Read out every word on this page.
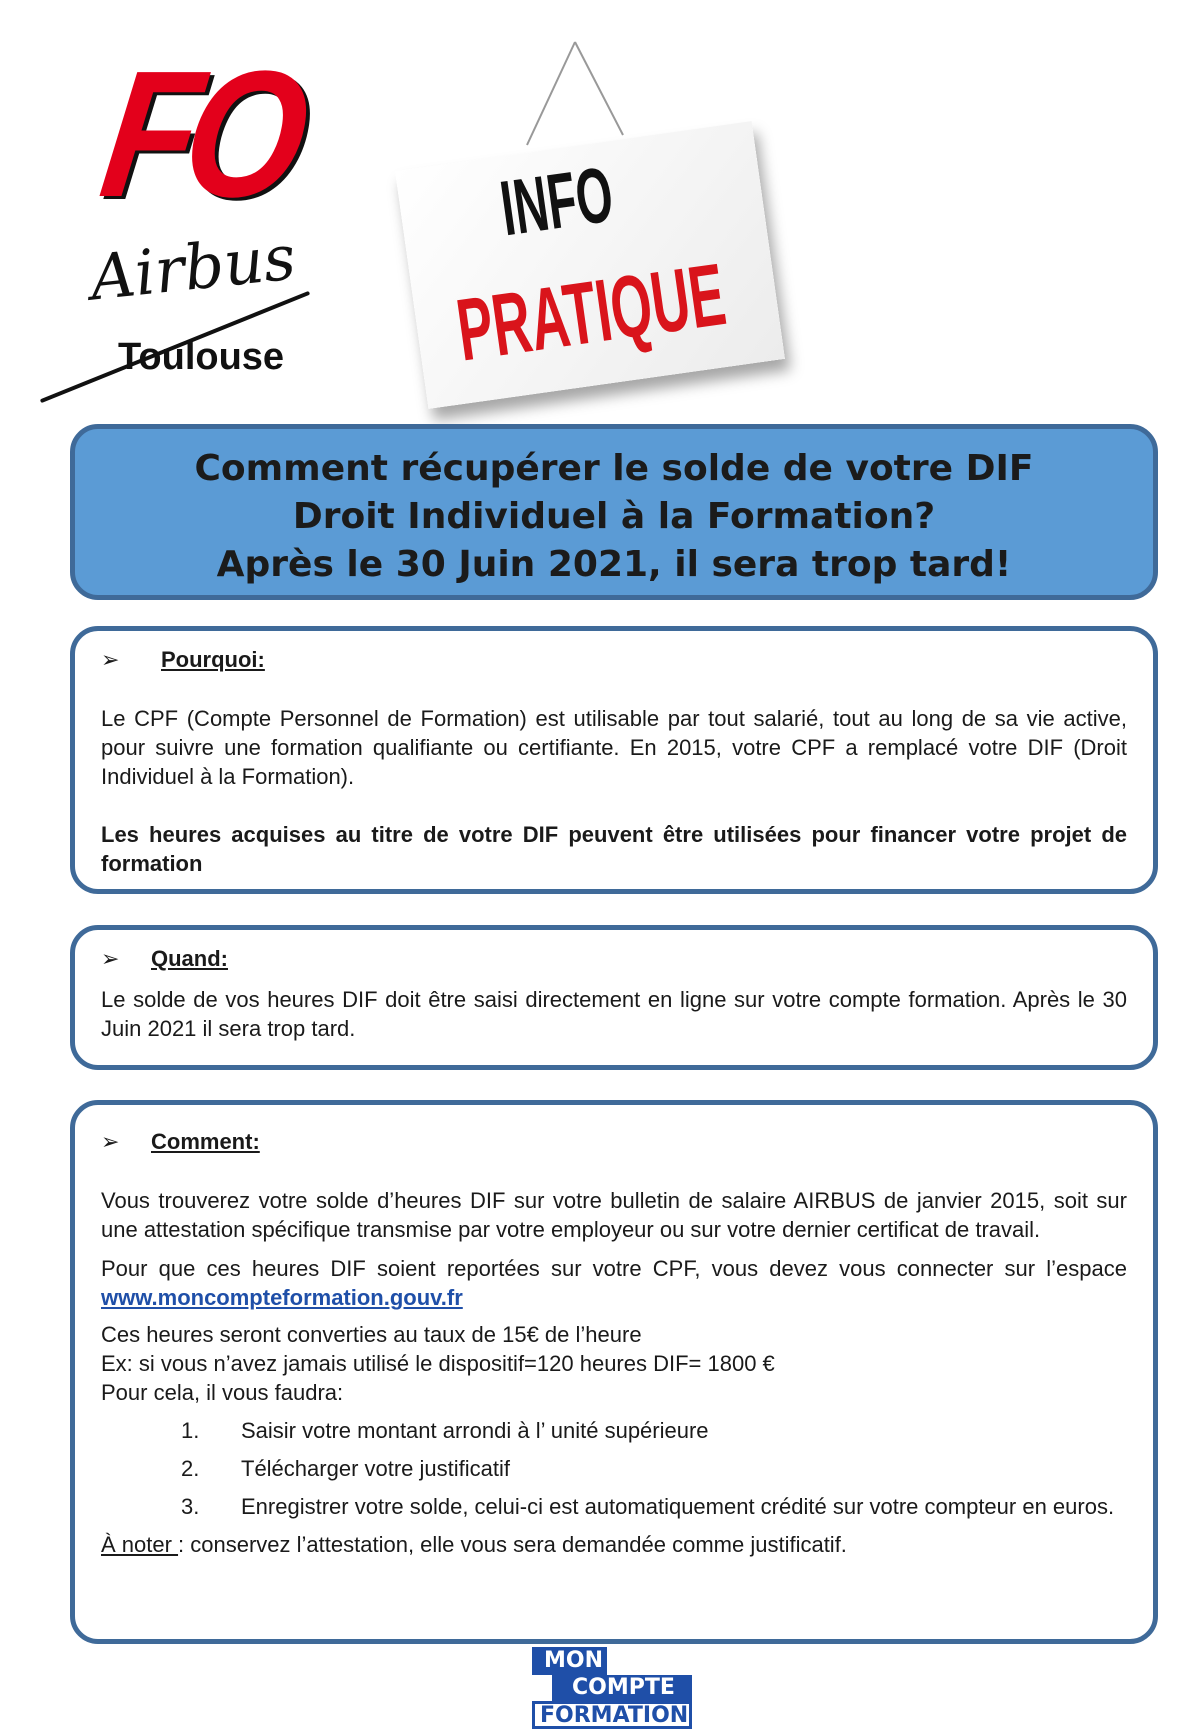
FO
Airbus
Toulouse
INFO
PRATIQUE
Comment récupérer le solde de votre DIF
Droit Individuel à la Formation?
Après le 30 Juin 2021, il sera trop tard!
➢	Pourquoi:

Le CPF (Compte Personnel de Formation) est utilisable par tout salarié, tout au long de sa vie active, pour suivre une formation qualifiante ou certifiante. En 2015, votre CPF a remplacé votre DIF (Droit Individuel à la Formation).

Les heures acquises au titre de votre DIF peuvent être utilisées pour financer votre projet de formation

➢	Quand:

Le solde de vos heures DIF doit être saisi directement en ligne sur votre compte formation. Après le 30 Juin 2021 il sera trop tard.

➢	Comment:

Vous trouverez votre solde d’heures DIF sur votre bulletin de salaire AIRBUS de janvier 2015, soit sur une attestation spécifique transmise par votre employeur ou sur votre dernier certificat de travail.

Pour que ces heures DIF soient reportées sur votre CPF, vous devez vous connecter sur l’espace www.moncompteformation.gouv.fr

Ces heures seront converties au taux de 15€ de l’heure

Ex: si vous n’avez jamais utilisé le dispositif=120 heures DIF= 1800 €

Pour cela, il vous faudra:

1.	Saisir votre montant arrondi à l’ unité supérieure
2.	Télécharger votre justificatif
3.	Enregistrer votre solde, celui-ci est automatiquement crédité sur votre compteur en euros.

À noter : conservez l’attestation, elle vous sera demandée comme justificatif.

MON
COMPTE
FORMATION
